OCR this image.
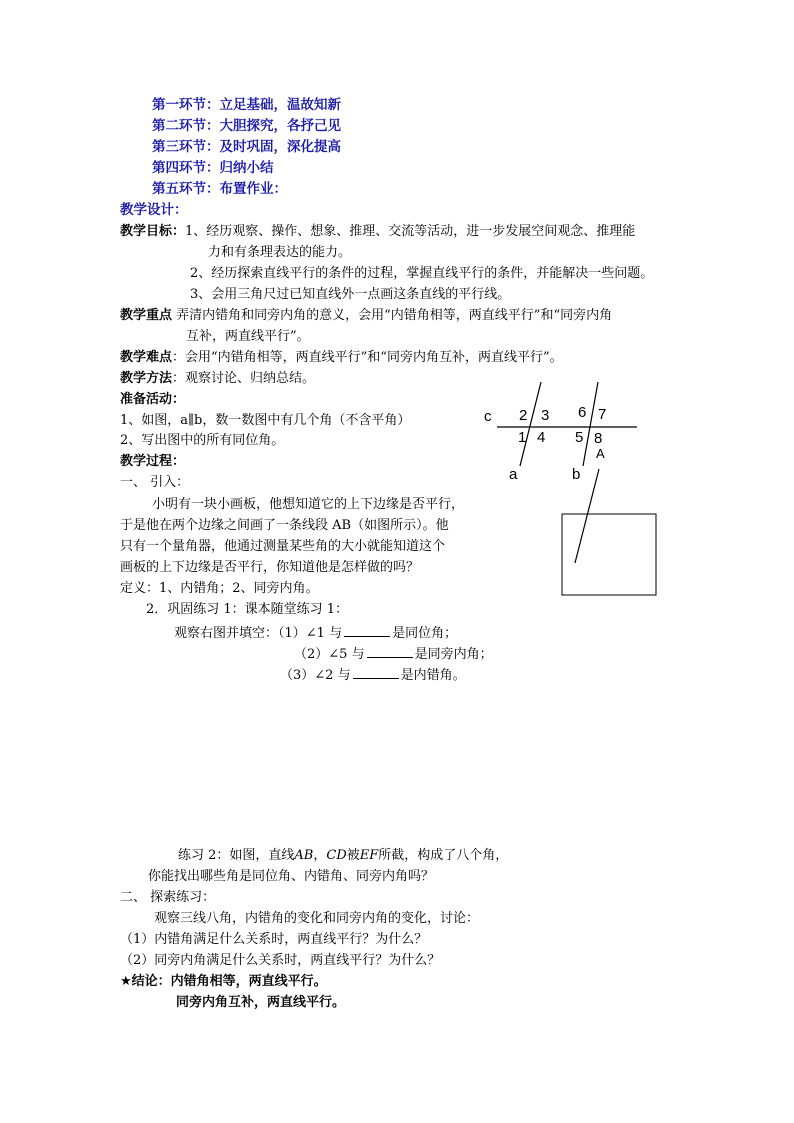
第一环节：立足基础，温故知新
第二环节：大胆探究，各抒己见
第三环节：及时巩固，深化提高
第四环节：归纳小结
第五环节：布置作业：
教学设计：
教学目标：1、经历观察、操作、想象、推理、交流等活动，进一步发展空间观念、推理能
力和有条理表达的能力。
2、经历探索直线平行的条件的过程，掌握直线平行的条件，并能解决一些问题。
3、会用三角尺过已知直线外一点画这条直线的平行线。
教学重点 弄清内错角和同旁内角的意义，会用“内错角相等，两直线平行”和“同旁内角
互补，两直线平行”。
教学难点：会用“内错角相等，两直线平行”和“同旁内角互补，两直线平行”。
教学方法：观察讨论、归纳总结。
准备活动：
1、如图，a∥b，数一数图中有几个角（不含平角）
2、写出图中的所有同位角。
教学过程：
一、 引入：
小明有一块小画板，他想知道它的上下边缘是否平行，
于是他在两个边缘之间画了一条线段 AB（如图所示）。他
只有一个量角器，他通过测量某些角的大小就能知道这个
画板的上下边缘是否平行，你知道他是怎样做的吗？
定义：1、内错角；2、同旁内角。
2．巩固练习 1：课本随堂练习 1：
观察右图并填空：（1）∠1 与	是同位角；
（2）∠5 与	是同旁内角；
（3）∠2 与	是内错角。
练习 2：如图，直线AB，CD被EF所截，构成了八个角，
你能找出哪些角是同位角、内错角、同旁内角吗？
二、 探索练习：
观察三线八角，内错角的变化和同旁内角的变化，讨论：
（1）内错角满足什么关系时，两直线平行？为什么？
（2）同旁内角满足什么关系时，两直线平行？为什么？
★结论：内错角相等，两直线平行。
同旁内角互补，两直线平行。
c 2 3 6 7
1 4 5 8
a	b
A
